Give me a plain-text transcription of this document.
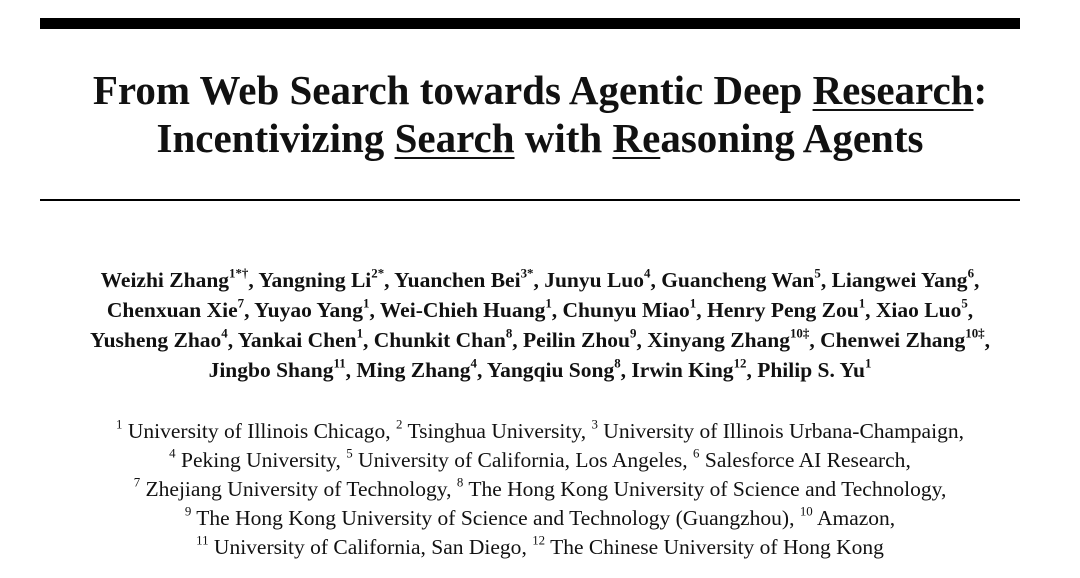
From Web Search towards Agentic Deep Research:
Incentivizing Search with Reasoning Agents
Weizhi Zhang$^{1*\dagger}$, Yangning $Li^{2*}$, Yuanchen Bei$^{3*}$, Junyu Luo$^4$, Guancheng Wan$^5$, Liangwei Yang$^6$,
Chenxuan Xie$^7$, Yuyao Yang$^1$, Wei-Chieh Huang$^1$, Chunyu Miao$^1$, Henry Peng Zou$^1$, Xiao Luo$^5$,
Yusheng Zhao$^4$, Yankai Chen$^1$, Chunkit Chan$^8$, Peilin Zhou$^9$, Xinyang Zhang$^{10\ddagger}$, Chenwei Zhang$^{10\ddagger}$,
Jingbo Shang$^{11}$, Ming Zhang$^4$, Yangqiu Song$^8$, Irwin King$^{12}$, Philip S. Yu$^1$
$^1$ University of Illinois Chicago, $^2$ Tsinghua University, $^3$ University of Illinois Urbana-Champaign,
$^4$ Peking University, $^5$ University of California, Los Angeles, $^6$ Salesforce AI Research,
$^7$ Zhejiang University of Technology, $^8$ The Hong Kong University of Science and Technology,
$^9$ The Hong Kong University of Science and Technology (Guangzhou), $^{10}$ Amazon,
$^{11}$ University of California, San Diego, $^{12}$ The Chinese University of Hong Kong
